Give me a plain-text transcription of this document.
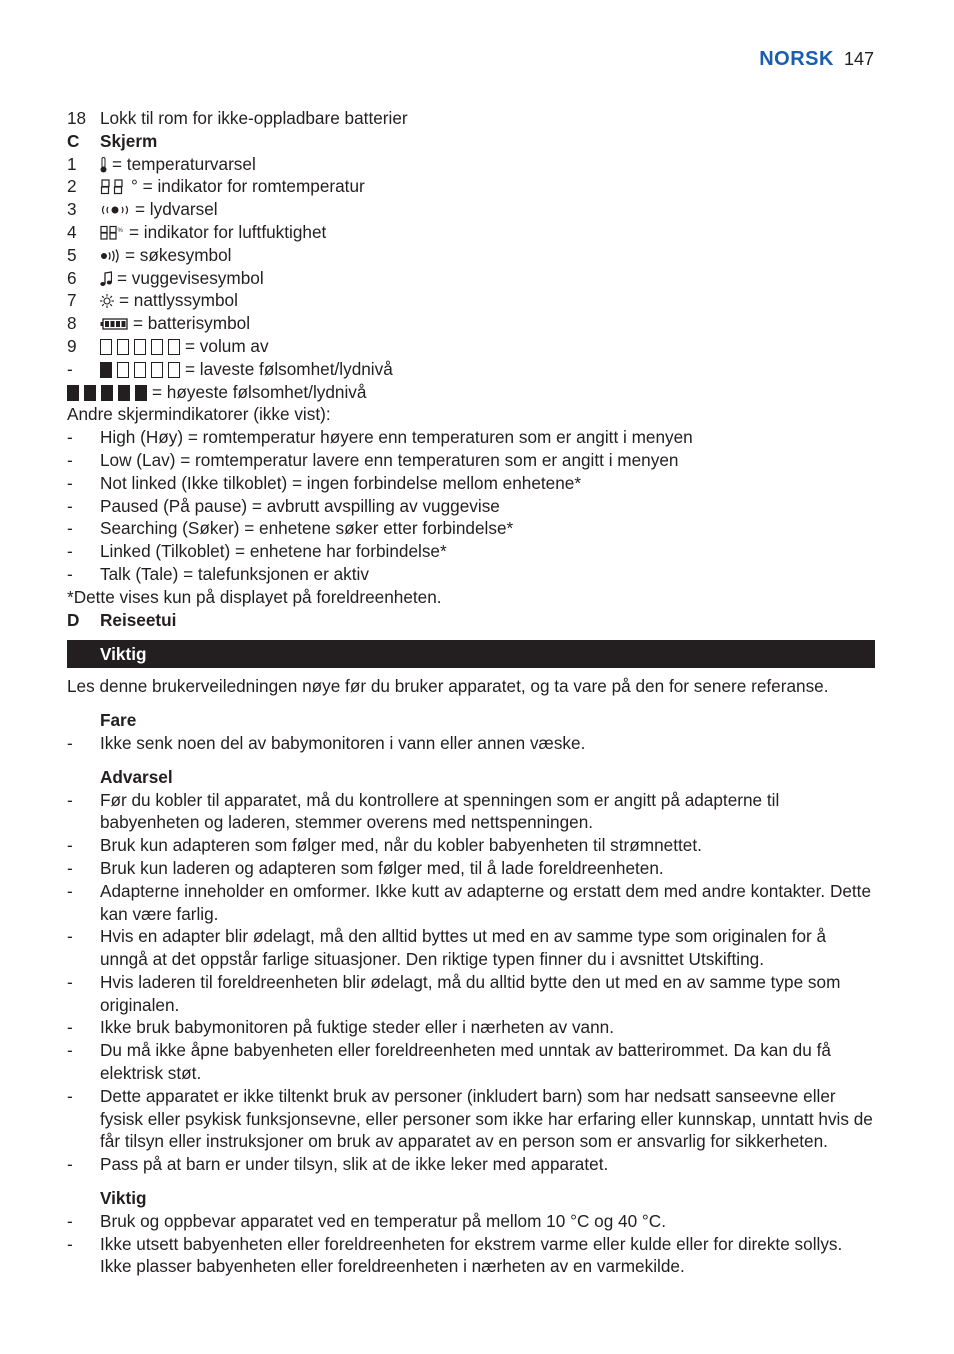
NORSK 147
18 Lokk til rom for ikke-oppladbare batterier
C	Skjerm
1	= temperaturvarsel
2	° = indikator for romtemperatur
3	= lydvarsel
4	% = indikator for luftfuktighet
5	= søkesymbol
6	= vuggevisesymbol
7	= nattlyssymbol
8	= batterisymbol
9	= volum av
-	= laveste følsomhet/lydnivå
= høyeste følsomhet/lydnivå
Andre skjermindikatorer (ikke vist):
-	High (Høy) = romtemperatur høyere enn temperaturen som er angitt i menyen
-	Low (Lav) = romtemperatur lavere enn temperaturen som er angitt i menyen
-	Not linked (Ikke tilkoblet) = ingen forbindelse mellom enhetene*
-	Paused (På pause) = avbrutt avspilling av vuggevise
-	Searching (Søker) = enhetene søker etter forbindelse*
-	Linked (Tilkoblet) = enhetene har forbindelse*
-	Talk (Tale) = talefunksjonen er aktiv
*Dette vises kun på displayet på foreldreenheten.
D	Reiseetui
Viktig
Les denne brukerveiledningen nøye før du bruker apparatet, og ta vare på den for senere referanse.
Fare
-	Ikke senk noen del av babymonitoren i vann eller annen væske.
Advarsel
-	Før du kobler til apparatet, må du kontrollere at spenningen som er angitt på adapterne til babyenheten og laderen, stemmer overens med nettspenningen.
-	Bruk kun adapteren som følger med, når du kobler babyenheten til strømnettet.
-	Bruk kun laderen og adapteren som følger med, til å lade foreldreenheten.
-	Adapterne inneholder en omformer. Ikke kutt av adapterne og erstatt dem med andre kontakter. Dette kan være farlig.
-	Hvis en adapter blir ødelagt, må den alltid byttes ut med en av samme type som originalen for å unngå at det oppstår farlige situasjoner. Den riktige typen finner du i avsnittet Utskifting.
-	Hvis laderen til foreldreenheten blir ødelagt, må du alltid bytte den ut med en av samme type som originalen.
-	Ikke bruk babymonitoren på fuktige steder eller i nærheten av vann.
-	Du må ikke åpne babyenheten eller foreldreenheten med unntak av batterirommet. Da kan du få elektrisk støt.
-	Dette apparatet er ikke tiltenkt bruk av personer (inkludert barn) som har nedsatt sanseevne eller fysisk eller psykisk funksjonsevne, eller personer som ikke har erfaring eller kunnskap, unntatt hvis de får tilsyn eller instruksjoner om bruk av apparatet av en person som er ansvarlig for sikkerheten.
-	Pass på at barn er under tilsyn, slik at de ikke leker med apparatet.
Viktig
-	Bruk og oppbevar apparatet ved en temperatur på mellom 10 °C og 40 °C.
-	Ikke utsett babyenheten eller foreldreenheten for ekstrem varme eller kulde eller for direkte sollys. Ikke plasser babyenheten eller foreldreenheten i nærheten av en varmekilde.
